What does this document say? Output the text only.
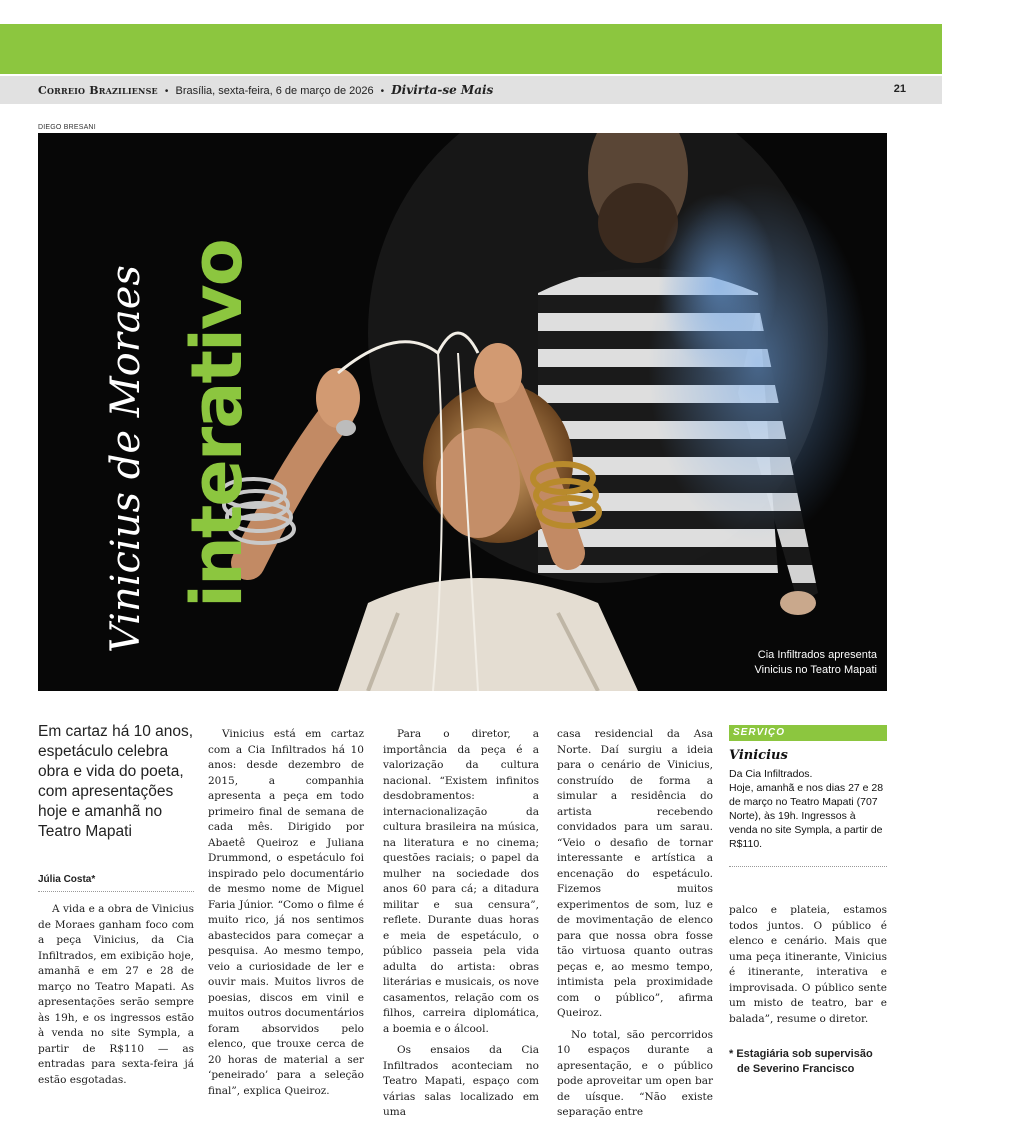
Correio Braziliense • Brasília, sexta-feira, 6 de março de 2026 • Divirta-se Mais	21
DIEGO BRESANI
Vinicius de Moraes interativo
Cia Infiltrados apresenta
Vinicius no Teatro Mapati
Em cartaz há 10 anos, espetáculo celebra obra e vida do poeta, com apresentações hoje e amanhã no Teatro Mapati
Júlia Costa*

A vida e a obra de Vinicius de Moraes ganham foco com a peça Vinicius, da Cia Infiltrados, em exibição hoje, amanhã e em 27 e 28 de março no Teatro Mapati. As apresentações serão sempre às 19h, e os ingressos estão à venda no site Sympla, a partir de R$110 — as entradas para sexta-feira já estão esgotadas.

Vinicius está em cartaz com a Cia Infiltrados há 10 anos: desde dezembro de 2015, a companhia apresenta a peça em todo primeiro final de semana de cada mês. Dirigido por Abaetê Queiroz e Juliana Drummond, o espetáculo foi inspirado pelo documentário de mesmo nome de Miguel Faria Júnior. “Como o filme é muito rico, já nos sentimos abastecidos para começar a pesquisa. Ao mesmo tempo, veio a curiosidade de ler e ouvir mais. Muitos livros de poesias, discos em vinil e muitos outros documentários foram absorvidos pelo elenco, que trouxe cerca de 20 horas de material a ser ‘peneirado’ para a seleção final”, explica Queiroz.

Para o diretor, a importância da peça é a valorização da cultura nacional. “Existem infinitos desdobramentos: a internacionalização da cultura brasileira na música, na literatura e no cinema; questões raciais; o papel da mulher na sociedade dos anos 60 para cá; a ditadura militar e sua censura”, reflete. Durante duas horas e meia de espetáculo, o público passeia pela vida adulta do artista: obras literárias e musicais, os nove casamentos, relação com os filhos, carreira diplomática, a boemia e o álcool.

Os ensaios da Cia Infiltrados aconteciam no Teatro Mapati, espaço com várias salas localizado em uma

casa residencial da Asa Norte. Daí surgiu a ideia para o cenário de Vinicius, construído de forma a simular a residência do artista recebendo convidados para um sarau. “Veio o desafio de tornar interessante e artística a encenação do espetáculo. Fizemos muitos experimentos de som, luz e de movimentação de elenco para que nossa obra fosse tão virtuosa quanto outras peças e, ao mesmo tempo, intimista pela proximidade com o público”, afirma Queiroz.

No total, são percorridos 10 espaços durante a apresentação, e o público pode aproveitar um open bar de uísque. “Não existe separação entre

SERVIÇO
Vinicius
Da Cia Infiltrados.
Hoje, amanhã e nos dias 27 e 28 de março no Teatro Mapati (707 Norte), às 19h. Ingressos à venda no site Sympla, a partir de R$110.
palco e plateia, estamos todos juntos. O público é elenco e cenário. Mais que uma peça itinerante, Vinicius é itinerante, interativa e improvisada. O público sente um misto de teatro, bar e balada”, resume o diretor.
* Estagiária sob supervisão
de Severino Francisco
